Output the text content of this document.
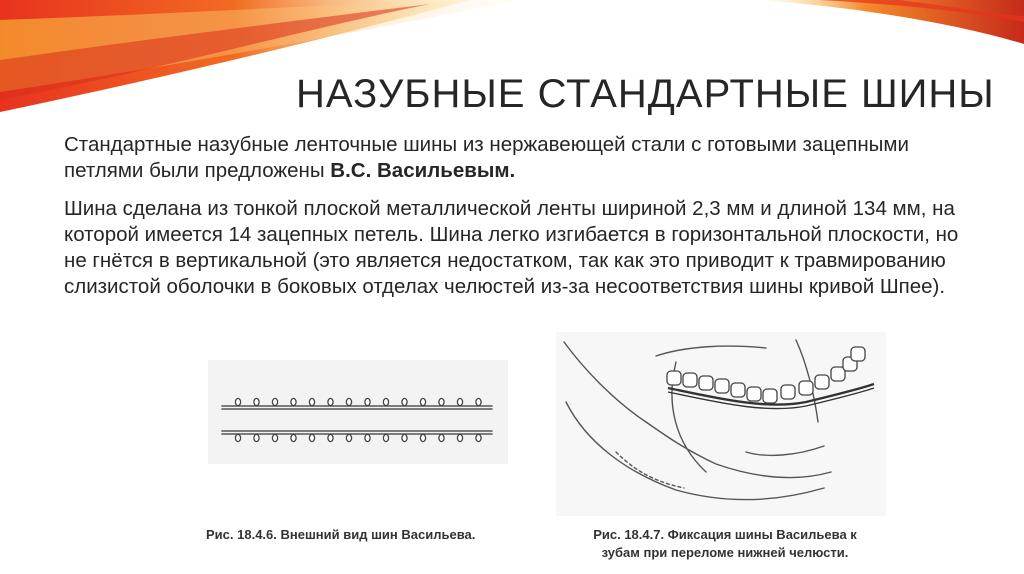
НАЗУБНЫЕ СТАНДАРТНЫЕ ШИНЫ

Стандартные назубные ленточные шины из нержавеющей стали с готовыми зацепными петлями были предложены В.С. Васильевым.

Шина сделана из тонкой плоской металлической ленты шириной 2,3 мм и длиной 134 мм, на которой имеется 14 зацепных петель. Шина легко изгибается в горизонтальной плоскости, но не гнётся в вертикальной (это является недостатком, так как это приводит к травмированию слизистой оболочки в боковых отделах челюстей из-за несоответствия шины кривой Шпее).

Рис. 18.4.6. Внешний вид шин Васильева.	Рис. 18.4.7. Фиксация шины Васильева к
зубам при переломе нижней челюсти.
